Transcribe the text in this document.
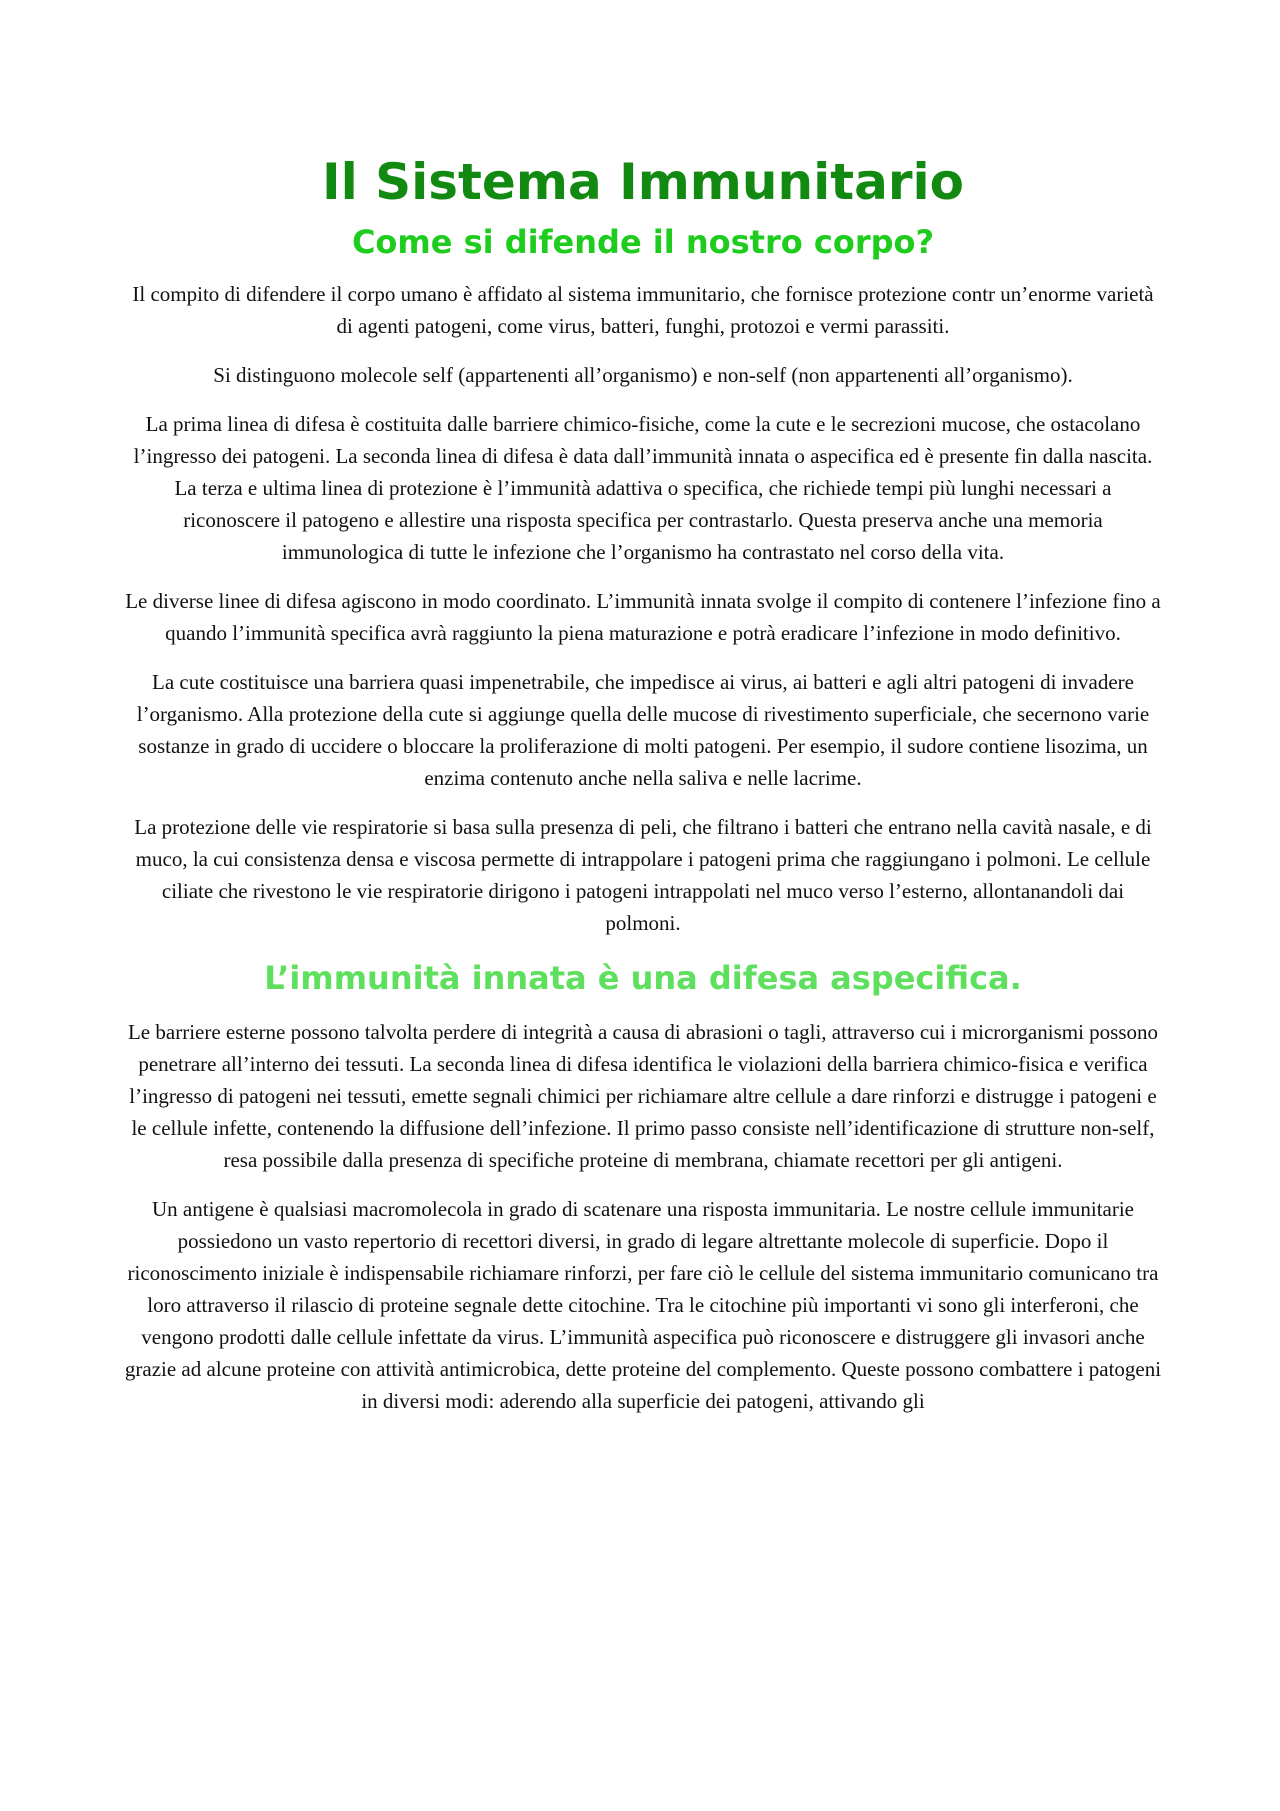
Il Sistema Immunitario
Come si difende il nostro corpo?

Il compito di difendere il corpo umano è affidato al sistema immunitario, che fornisce protezione contr un’enorme varietà di agenti patogeni, come virus, batteri, funghi, protozoi e vermi parassiti.

Si distinguono molecole self (appartenenti all’organismo) e non-self (non appartenenti all’organismo).

La prima linea di difesa è costituita dalle barriere chimico-fisiche, come la cute e le secrezioni mucose, che ostacolano l’ingresso dei patogeni. La seconda linea di difesa è data dall’immunità innata o aspecifica ed è presente fin dalla nascita. La terza e ultima linea di protezione è l’immunità adattiva o specifica, che richiede tempi più lunghi necessari a riconoscere il patogeno e allestire una risposta specifica per contrastarlo. Questa preserva anche una memoria immunologica di tutte le infezione che l’organismo ha contrastato nel corso della vita.

Le diverse linee di difesa agiscono in modo coordinato. L’immunità innata svolge il compito di contenere l’infezione fino a quando l’immunità specifica avrà raggiunto la piena maturazione e potrà eradicare l’infezione in modo definitivo.

La cute costituisce una barriera quasi impenetrabile, che impedisce ai virus, ai batteri e agli altri patogeni di invadere l’organismo. Alla protezione della cute si aggiunge quella delle mucose di rivestimento superficiale, che secernono varie sostanze in grado di uccidere o bloccare la proliferazione di molti patogeni. Per esempio, il sudore contiene lisozima, un enzima contenuto anche nella saliva e nelle lacrime.

La protezione delle vie respiratorie si basa sulla presenza di peli, che filtrano i batteri che entrano nella cavità nasale, e di muco, la cui consistenza densa e viscosa permette di intrappolare i patogeni prima che raggiungano i polmoni. Le cellule ciliate che rivestono le vie respiratorie dirigono i patogeni intrappolati nel muco verso l’esterno, allontanandoli dai polmoni.

L’immunità innata è una difesa aspecifica.

Le barriere esterne possono talvolta perdere di integrità a causa di abrasioni o tagli, attraverso cui i microrganismi possono penetrare all’interno dei tessuti. La seconda linea di difesa identifica le violazioni della barriera chimico-fisica e verifica l’ingresso di patogeni nei tessuti, emette segnali chimici per richiamare altre cellule a dare rinforzi e distrugge i patogeni e le cellule infette, contenendo la diffusione dell’infezione. Il primo passo consiste nell’identificazione di strutture non-self, resa possibile dalla presenza di specifiche proteine di membrana, chiamate recettori per gli antigeni.

Un antigene è qualsiasi macromolecola in grado di scatenare una risposta immunitaria. Le nostre cellule immunitarie possiedono un vasto repertorio di recettori diversi, in grado di legare altrettante molecole di superficie. Dopo il riconoscimento iniziale è indispensabile richiamare rinforzi, per fare ciò le cellule del sistema immunitario comunicano tra loro attraverso il rilascio di proteine segnale dette citochine. Tra le citochine più importanti vi sono gli interferoni, che vengono prodotti dalle cellule infettate da virus. L’immunità aspecifica può riconoscere e distruggere gli invasori anche grazie ad alcune proteine con attività antimicrobica, dette proteine del complemento. Queste possono combattere i patogeni in diversi modi: aderendo alla superficie dei patogeni, attivando gli
